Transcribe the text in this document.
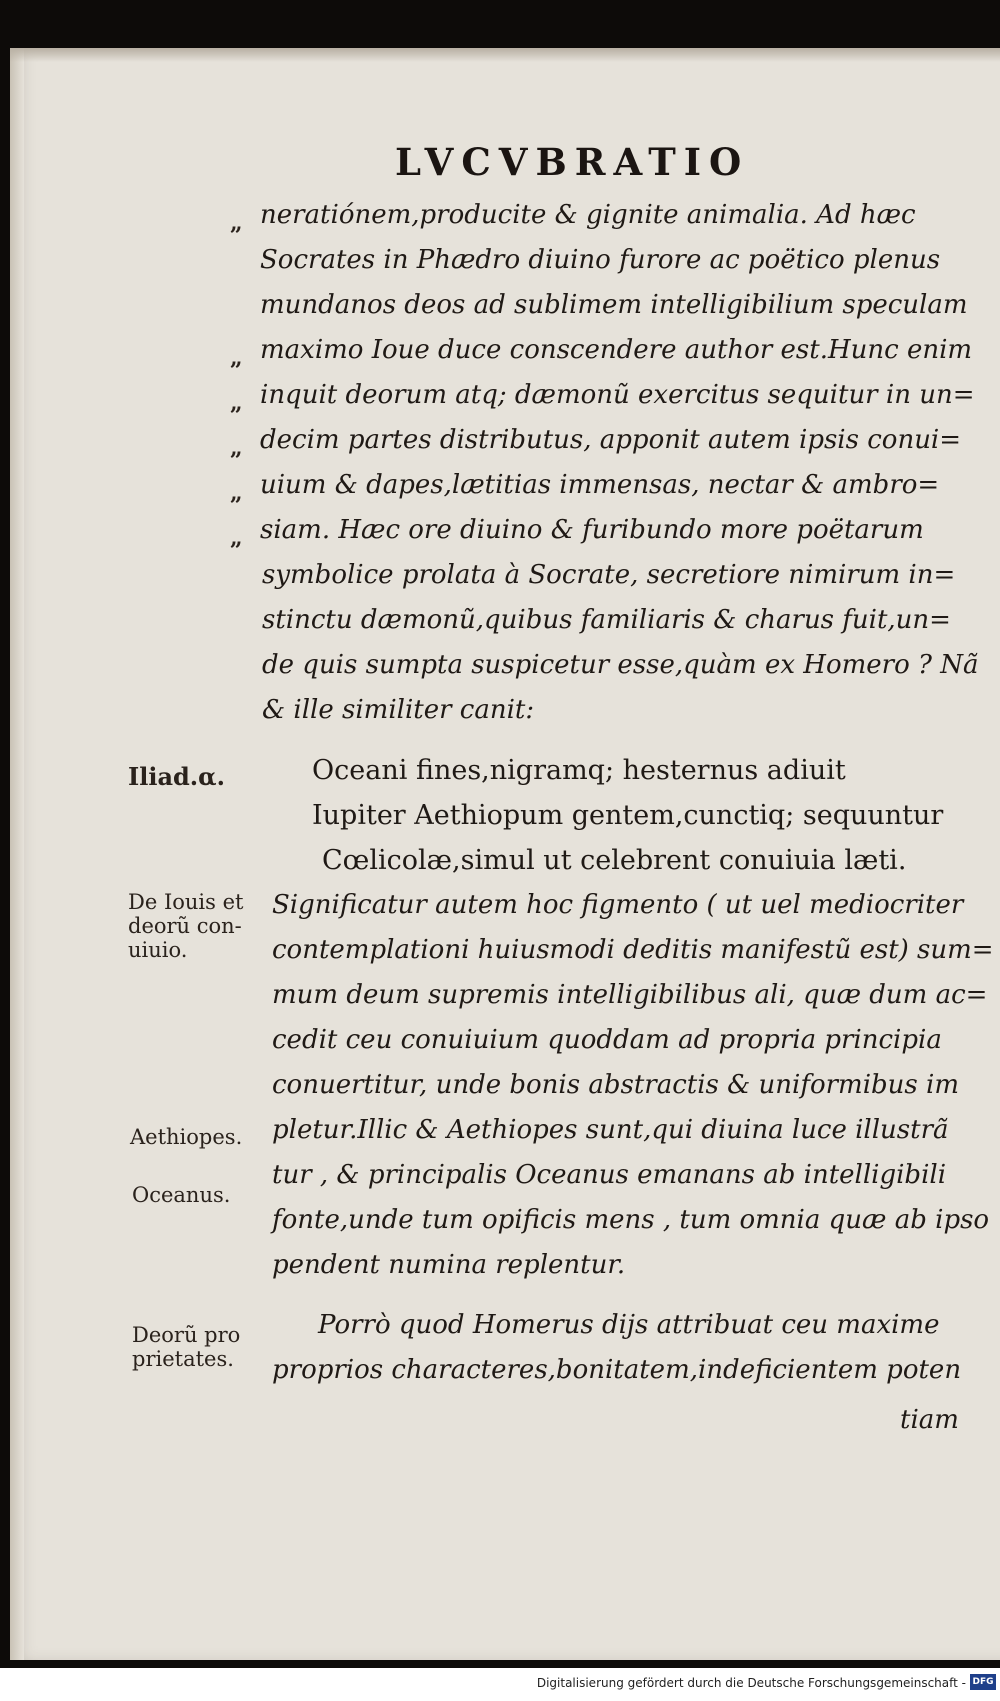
LVCVBRATIO
„
„
„
„
„
„

neratiónem,producite & gignite animalia. Ad hæc

Socrates in Phædro diuino furore ac poëtico plenus

mundanos deos ad sublimem intelligibilium speculam

maximo Ioue duce conscendere author est.Hunc enim

inquit deorum atq; dæmonũ exercitus sequitur in un=

decim partes distributus, apponit autem ipsis conui=

uium & dapes,lætitias immensas, nectar & ambro=

siam. Hæc ore diuino & furibundo more poëtarum

symbolice prolata à Socrate, secretiore nimirum in=

stinctu dæmonũ,quibus familiaris & charus fuit,un=

de quis sumpta suspicetur esse,quàm ex Homero ? Nã

& ille similiter canit:

Oceani fines,nigramq; hesternus adiuit

Iupiter Aethiopum gentem,cunctiq; sequuntur

Cœlicolæ,simul ut celebrent conuiuia læti.

Significatur autem hoc figmento ( ut uel mediocriter

contemplationi huiusmodi deditis manifestũ est) sum=

mum deum supremis intelligibilibus ali, quæ dum ac=

cedit ceu conuiuium quoddam ad propria principia

conuertitur, unde bonis abstractis & uniformibus im

pletur.Illic & Aethiopes sunt,qui diuina luce illustrã

tur , & principalis Oceanus emanans ab intelligibili

fonte,unde tum opificis mens , tum omnia quæ ab ipso

pendent numina replentur.

Porrò quod Homerus dijs attribuat ceu maxime

proprios characteres,bonitatem,indeficientem poten

tiam

Iliad.α.

De Iouis et
deorũ con-
uiuio.

Aethiopes.

Oceanus.

Deorũ pro
prietates.

Digitalisierung gefördert durch die Deutsche Forschungsgemeinschaft - DFG
